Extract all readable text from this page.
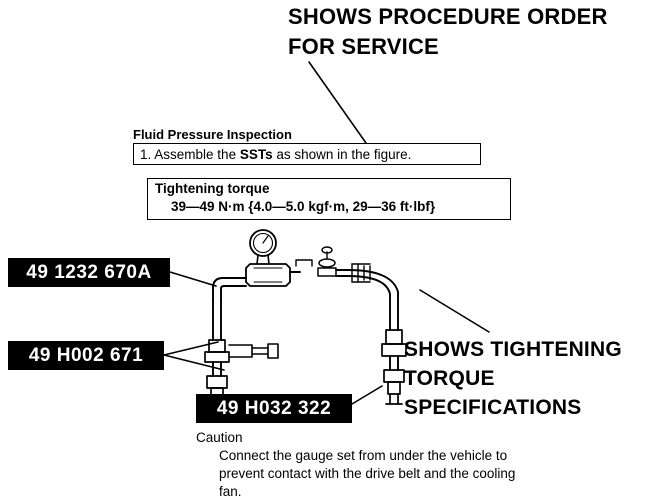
SHOWS PROCEDURE ORDER FOR SERVICE
SHOWS TIGHTENING TORQUE SPECIFICATIONS
Fluid Pressure Inspection
1. Assemble the SSTs as shown in the figure.
Tightening torque
39—49 N·m {4.0—5.0 kgf·m, 29—36 ft·lbf}
49 1232 670A
49 H002 671
49 H032 322
Caution
Connect the gauge set from under the vehicle to prevent contact with the drive belt and the cooling fan.
